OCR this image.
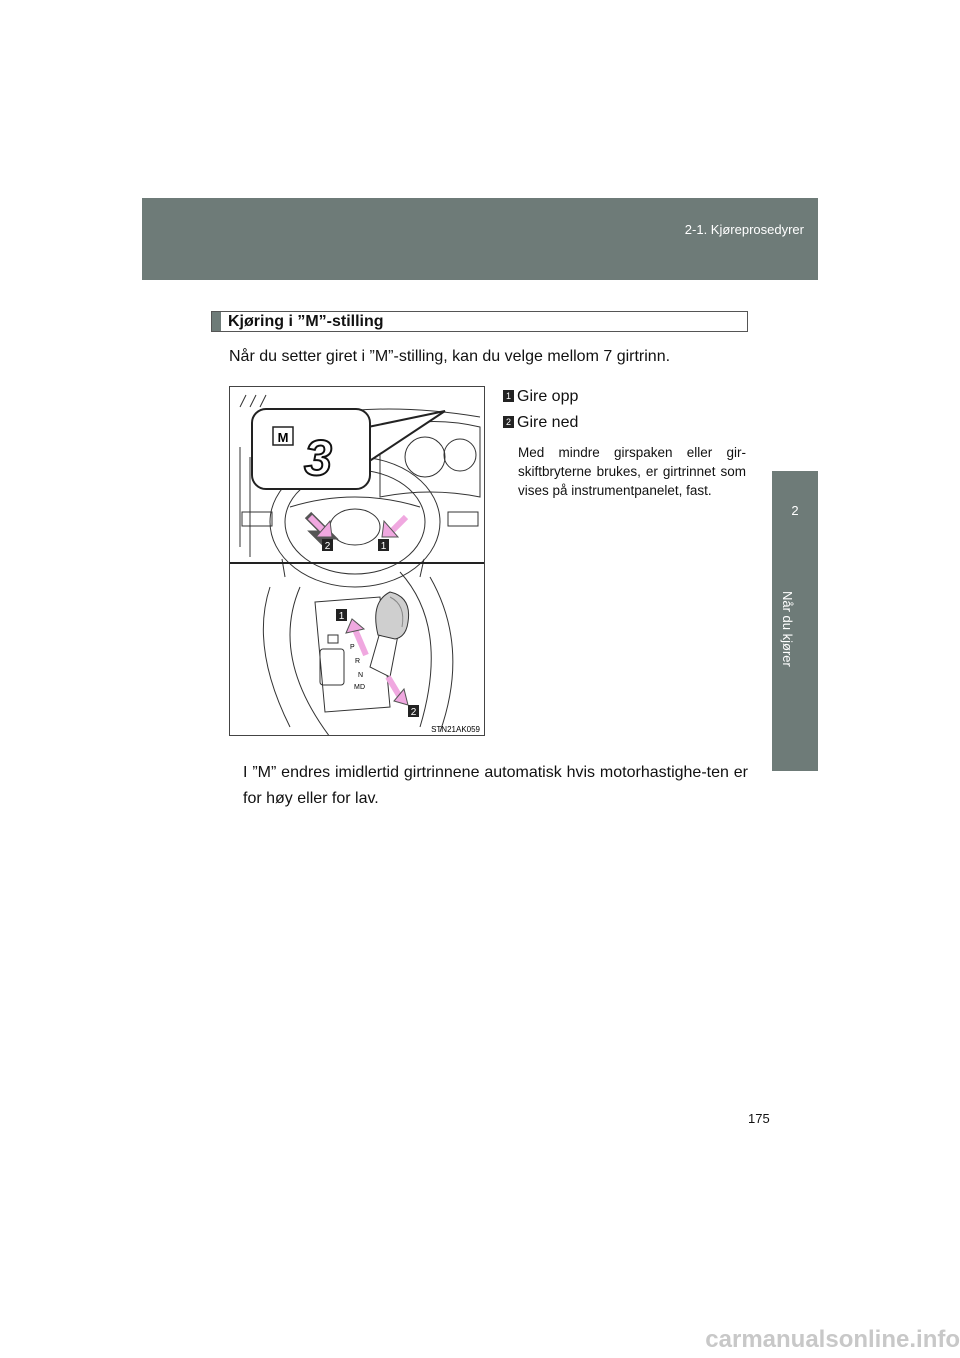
2-1. Kjøreprosedyrer
2
Når du kjører
Kjøring i ”M”-stilling
Når du setter giret i ”M”-stilling, kan du velge mellom 7 girtrinn.
M 3
2	1
P
R
N
D
M
1
2
STN21AK059
1 Gire opp
2 Gire ned
Med mindre girspaken eller gir-skiftbryterne brukes, er girtrinnet som vises på instrumentpanelet, fast.
I ”M” endres imidlertid girtrinnene automatisk hvis motorhastighe-ten er for høy eller for lav.
175
carmanualsonline.info
